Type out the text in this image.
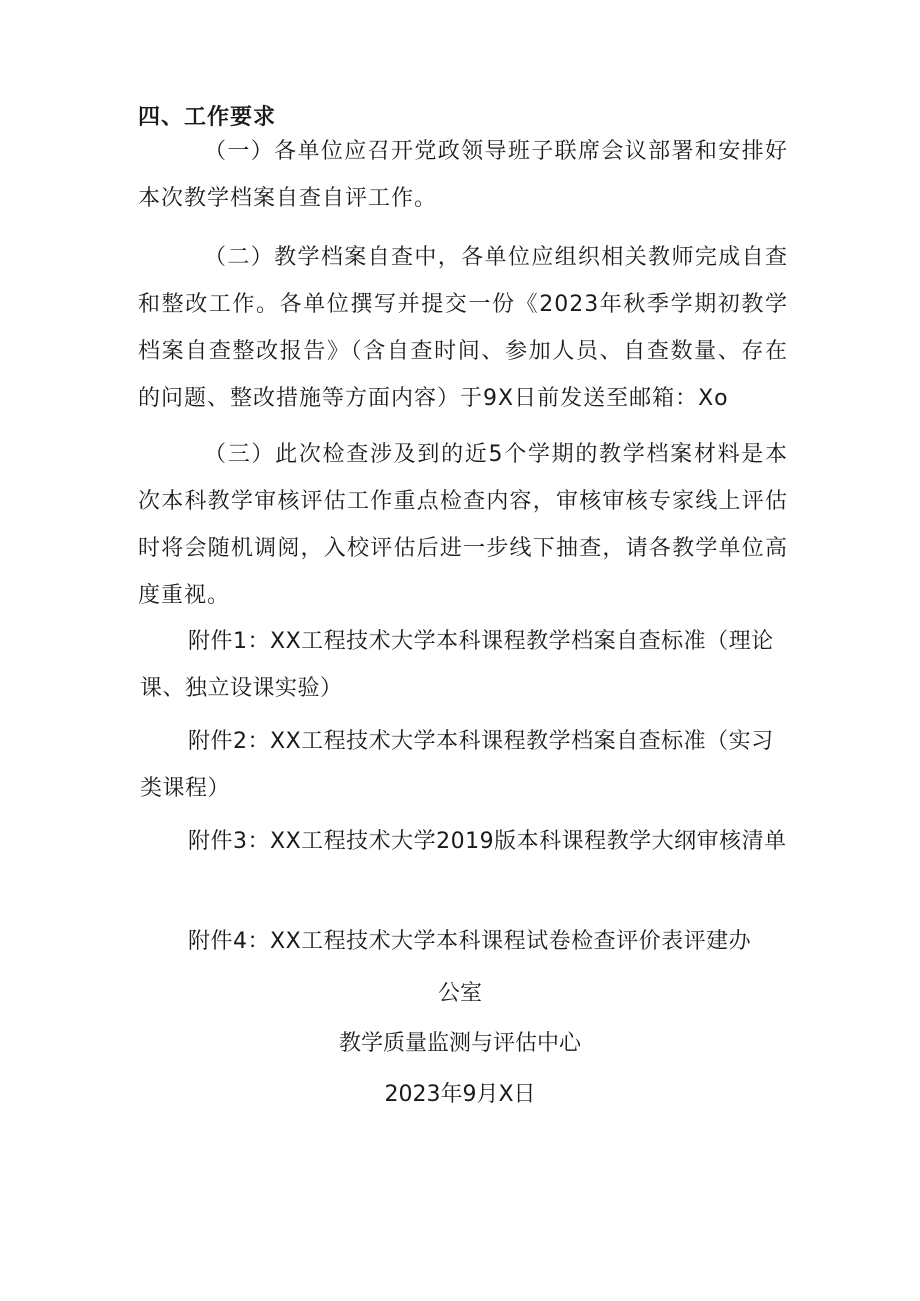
四、工作要求

（一）各单位应召开党政领导班子联席会议部署和安排好本次教学档案自查自评工作。

（二）教学档案自查中，各单位应组织相关教师完成自查和整改工作。各单位撰写并提交一份《2023年秋季学期初教学档案自查整改报告》（含自查时间、参加人员、自查数量、存在的问题、整改措施等方面内容）于9X日前发送至邮箱：Xo

（三）此次检查涉及到的近5个学期的教学档案材料是本次本科教学审核评估工作重点检查内容，审核审核专家线上评估时将会随机调阅，入校评估后进一步线下抽查，请各教学单位高度重视。

附件1：XX工程技术大学本科课程教学档案自查标准（理论课、独立设课实验）

附件2：XX工程技术大学本科课程教学档案自查标准（实习类课程）

附件3：XX工程技术大学2019版本科课程教学大纲审核清单

附件4：XX工程技术大学本科课程试卷检查评价表评建办

公室
教学质量监测与评估中心
2023年9月X日
